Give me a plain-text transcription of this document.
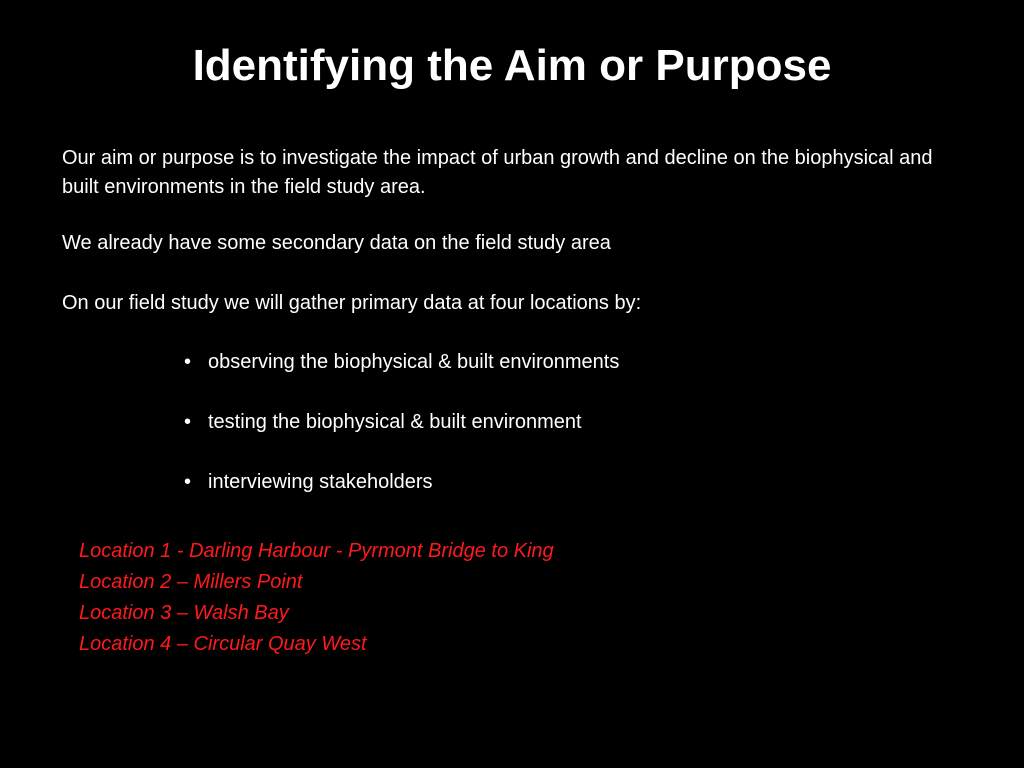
Identifying the Aim or Purpose
Our aim or purpose is to investigate the impact of urban growth and decline on the biophysical and built environments in the field study area.
We already have some secondary data on the field study area
On our field study we will gather primary data at four locations by:
• observing the biophysical & built environments
• testing the biophysical & built environment
• interviewing stakeholders
Location 1 - Darling Harbour - Pyrmont Bridge to King
Location 2 – Millers Point
Location 3 – Walsh Bay
Location 4 – Circular Quay West
